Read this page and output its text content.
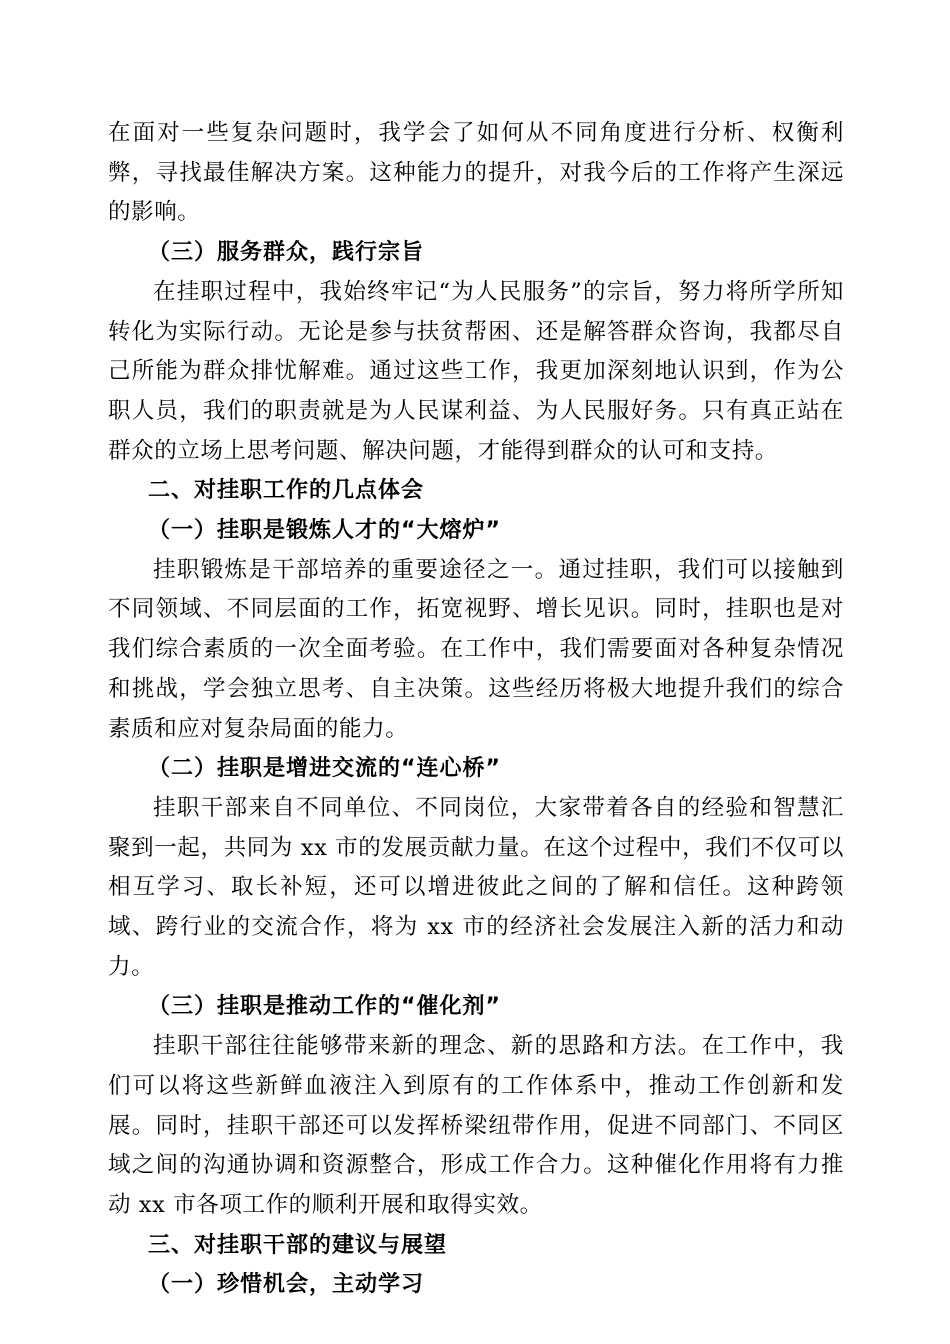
在面对一些复杂问题时，我学会了如何从不同角度进行分析、权衡利弊，寻找最佳解决方案。这种能力的提升，对我今后的工作将产生深远的影响。

（三）服务群众，践行宗旨

在挂职过程中，我始终牢记“为人民服务”的宗旨，努力将所学所知转化为实际行动。无论是参与扶贫帮困、还是解答群众咨询，我都尽自己所能为群众排忧解难。通过这些工作，我更加深刻地认识到，作为公职人员，我们的职责就是为人民谋利益、为人民服好务。只有真正站在群众的立场上思考问题、解决问题，才能得到群众的认可和支持。

二、对挂职工作的几点体会

（一）挂职是锻炼人才的“大熔炉”

挂职锻炼是干部培养的重要途径之一。通过挂职，我们可以接触到不同领域、不同层面的工作，拓宽视野、增长见识。同时，挂职也是对我们综合素质的一次全面考验。在工作中，我们需要面对各种复杂情况和挑战，学会独立思考、自主决策。这些经历将极大地提升我们的综合素质和应对复杂局面的能力。

（二）挂职是增进交流的“连心桥”

挂职干部来自不同单位、不同岗位，大家带着各自的经验和智慧汇聚到一起，共同为 xx 市的发展贡献力量。在这个过程中，我们不仅可以相互学习、取长补短，还可以增进彼此之间的了解和信任。这种跨领域、跨行业的交流合作，将为 xx 市的经济社会发展注入新的活力和动力。

（三）挂职是推动工作的“催化剂”

挂职干部往往能够带来新的理念、新的思路和方法。在工作中，我们可以将这些新鲜血液注入到原有的工作体系中，推动工作创新和发展。同时，挂职干部还可以发挥桥梁纽带作用，促进不同部门、不同区域之间的沟通协调和资源整合，形成工作合力。这种催化作用将有力推动 xx 市各项工作的顺利开展和取得实效。

三、对挂职干部的建议与展望

（一）珍惜机会，主动学习
